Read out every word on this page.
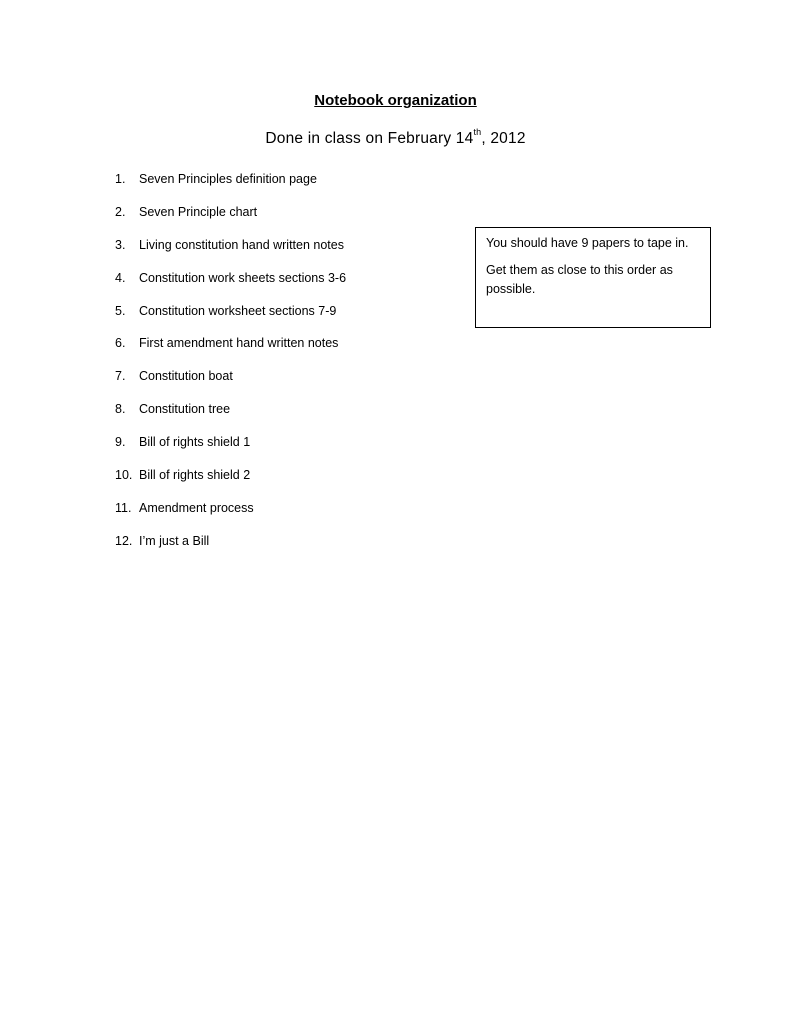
Notebook organization
Done in class on February 14th, 2012
1.	Seven Principles definition page
2.	Seven Principle chart
3.	Living constitution hand written notes
4.	Constitution work sheets sections 3-6
5.	Constitution worksheet sections 7-9
6.	First amendment hand written notes
7.	Constitution boat
8.	Constitution tree
9.	Bill of rights shield 1
10. Bill of rights shield 2
11. Amendment process
12. I’m just a Bill

You should have 9 papers to tape in.

Get them as close to this order as possible.
